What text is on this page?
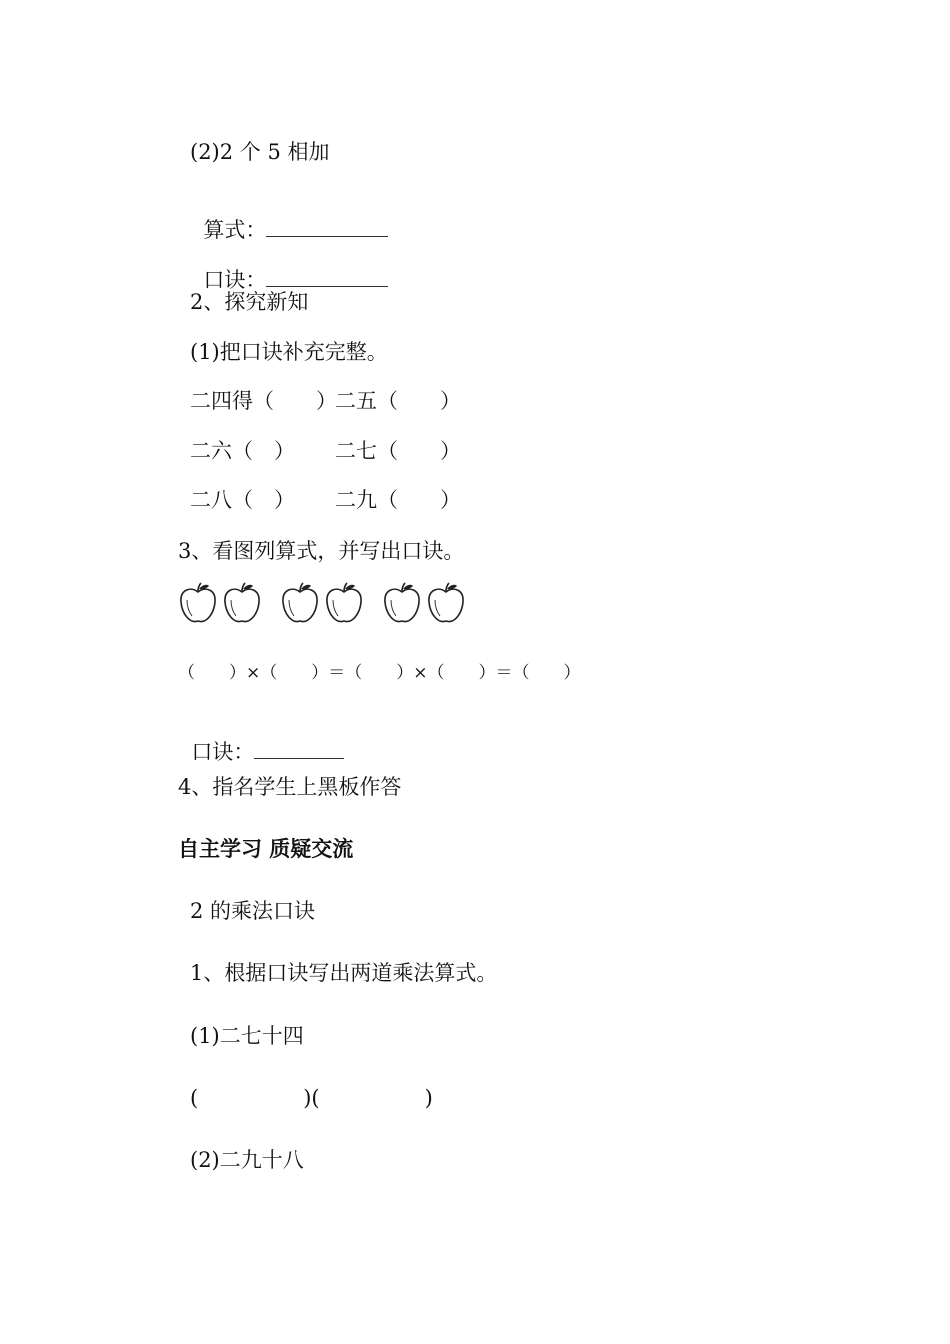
(2)2 个 5 相加

算式：

口诀：

2、探究新知
(1)把口诀补充完整。
二四得（　　）
二五（　　）
二六（　） 二七（　　）
二八（　） 二九（　　）
3、看图列算式，并写出口诀。
（　　）×（　　）＝（　　）×（　　）＝（　　）

口诀：

4、指名学生上黑板作答
自主学习 质疑交流
2 的乘法口诀
1、根据口诀写出两道乘法算式。
(1)二七十四
(　　　　　)(　　　　　)
(2)二九十八
